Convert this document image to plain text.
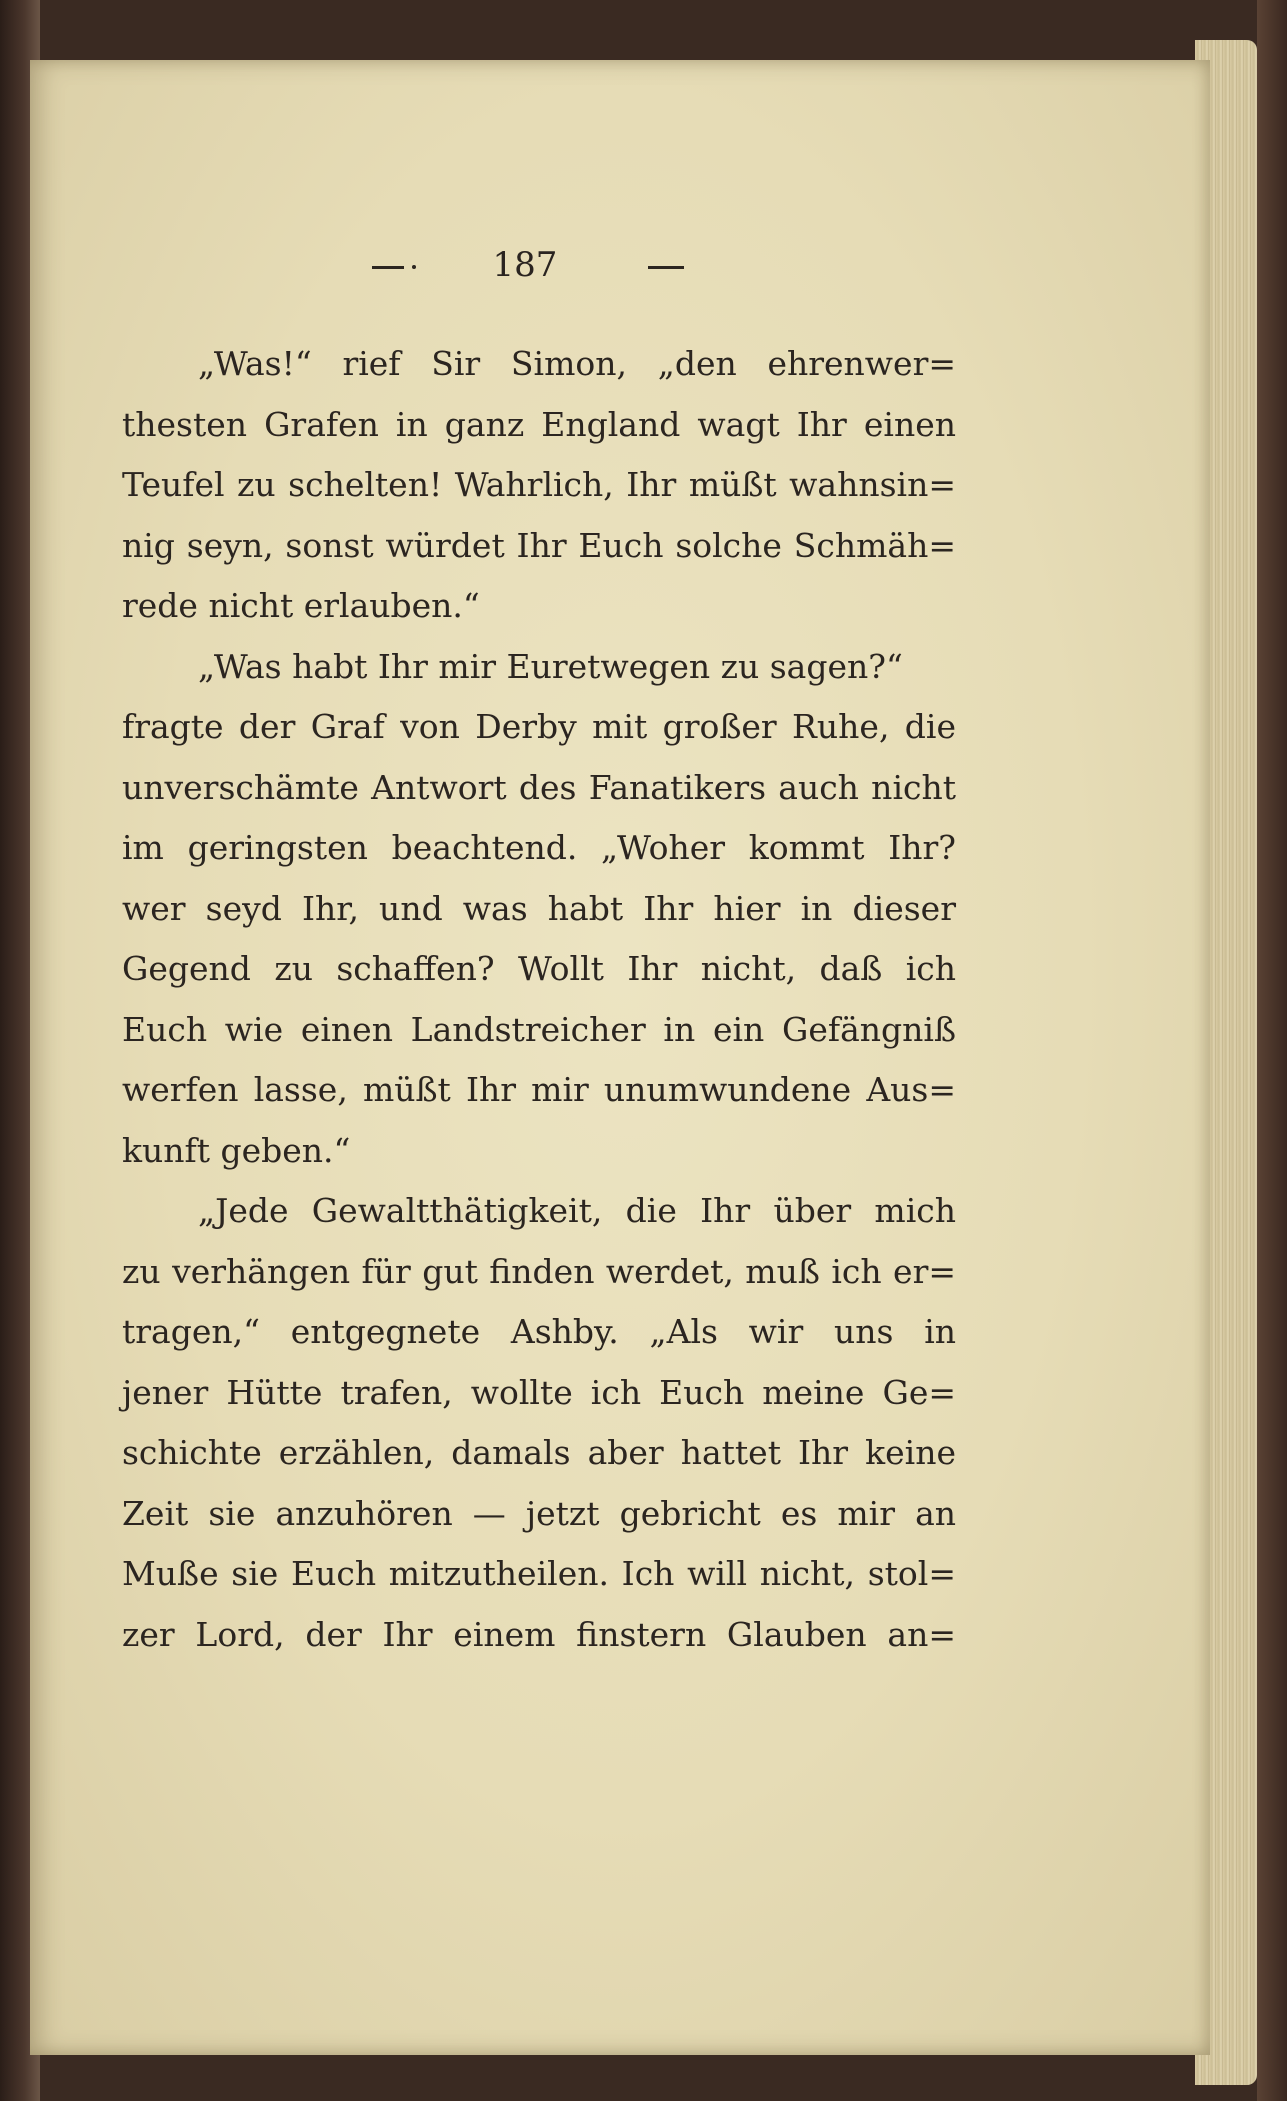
187
„Was!“ rief Sir Simon, „den ehrenwer=
thesten Grafen in ganz England wagt Ihr einen
Teufel zu schelten! Wahrlich, Ihr müßt wahnsin=
nig seyn, sonst würdet Ihr Euch solche Schmäh=
rede nicht erlauben.“
„Was habt Ihr mir Euretwegen zu sagen?“
fragte der Graf von Derby mit großer Ruhe, die
unverschämte Antwort des Fanatikers auch nicht
im geringsten beachtend. „Woher kommt Ihr?
wer seyd Ihr, und was habt Ihr hier in dieser
Gegend zu schaffen? Wollt Ihr nicht, daß ich
Euch wie einen Landstreicher in ein Gefängniß
werfen lasse, müßt Ihr mir unumwundene Aus=
kunft geben.“
„Jede Gewaltthätigkeit, die Ihr über mich
zu verhängen für gut finden werdet, muß ich er=
tragen,“ entgegnete Ashby. „Als wir uns in
jener Hütte trafen, wollte ich Euch meine Ge=
schichte erzählen, damals aber hattet Ihr keine
Zeit sie anzuhören — jetzt gebricht es mir an
Muße sie Euch mitzutheilen. Ich will nicht, stol=
zer Lord, der Ihr einem finstern Glauben an=
